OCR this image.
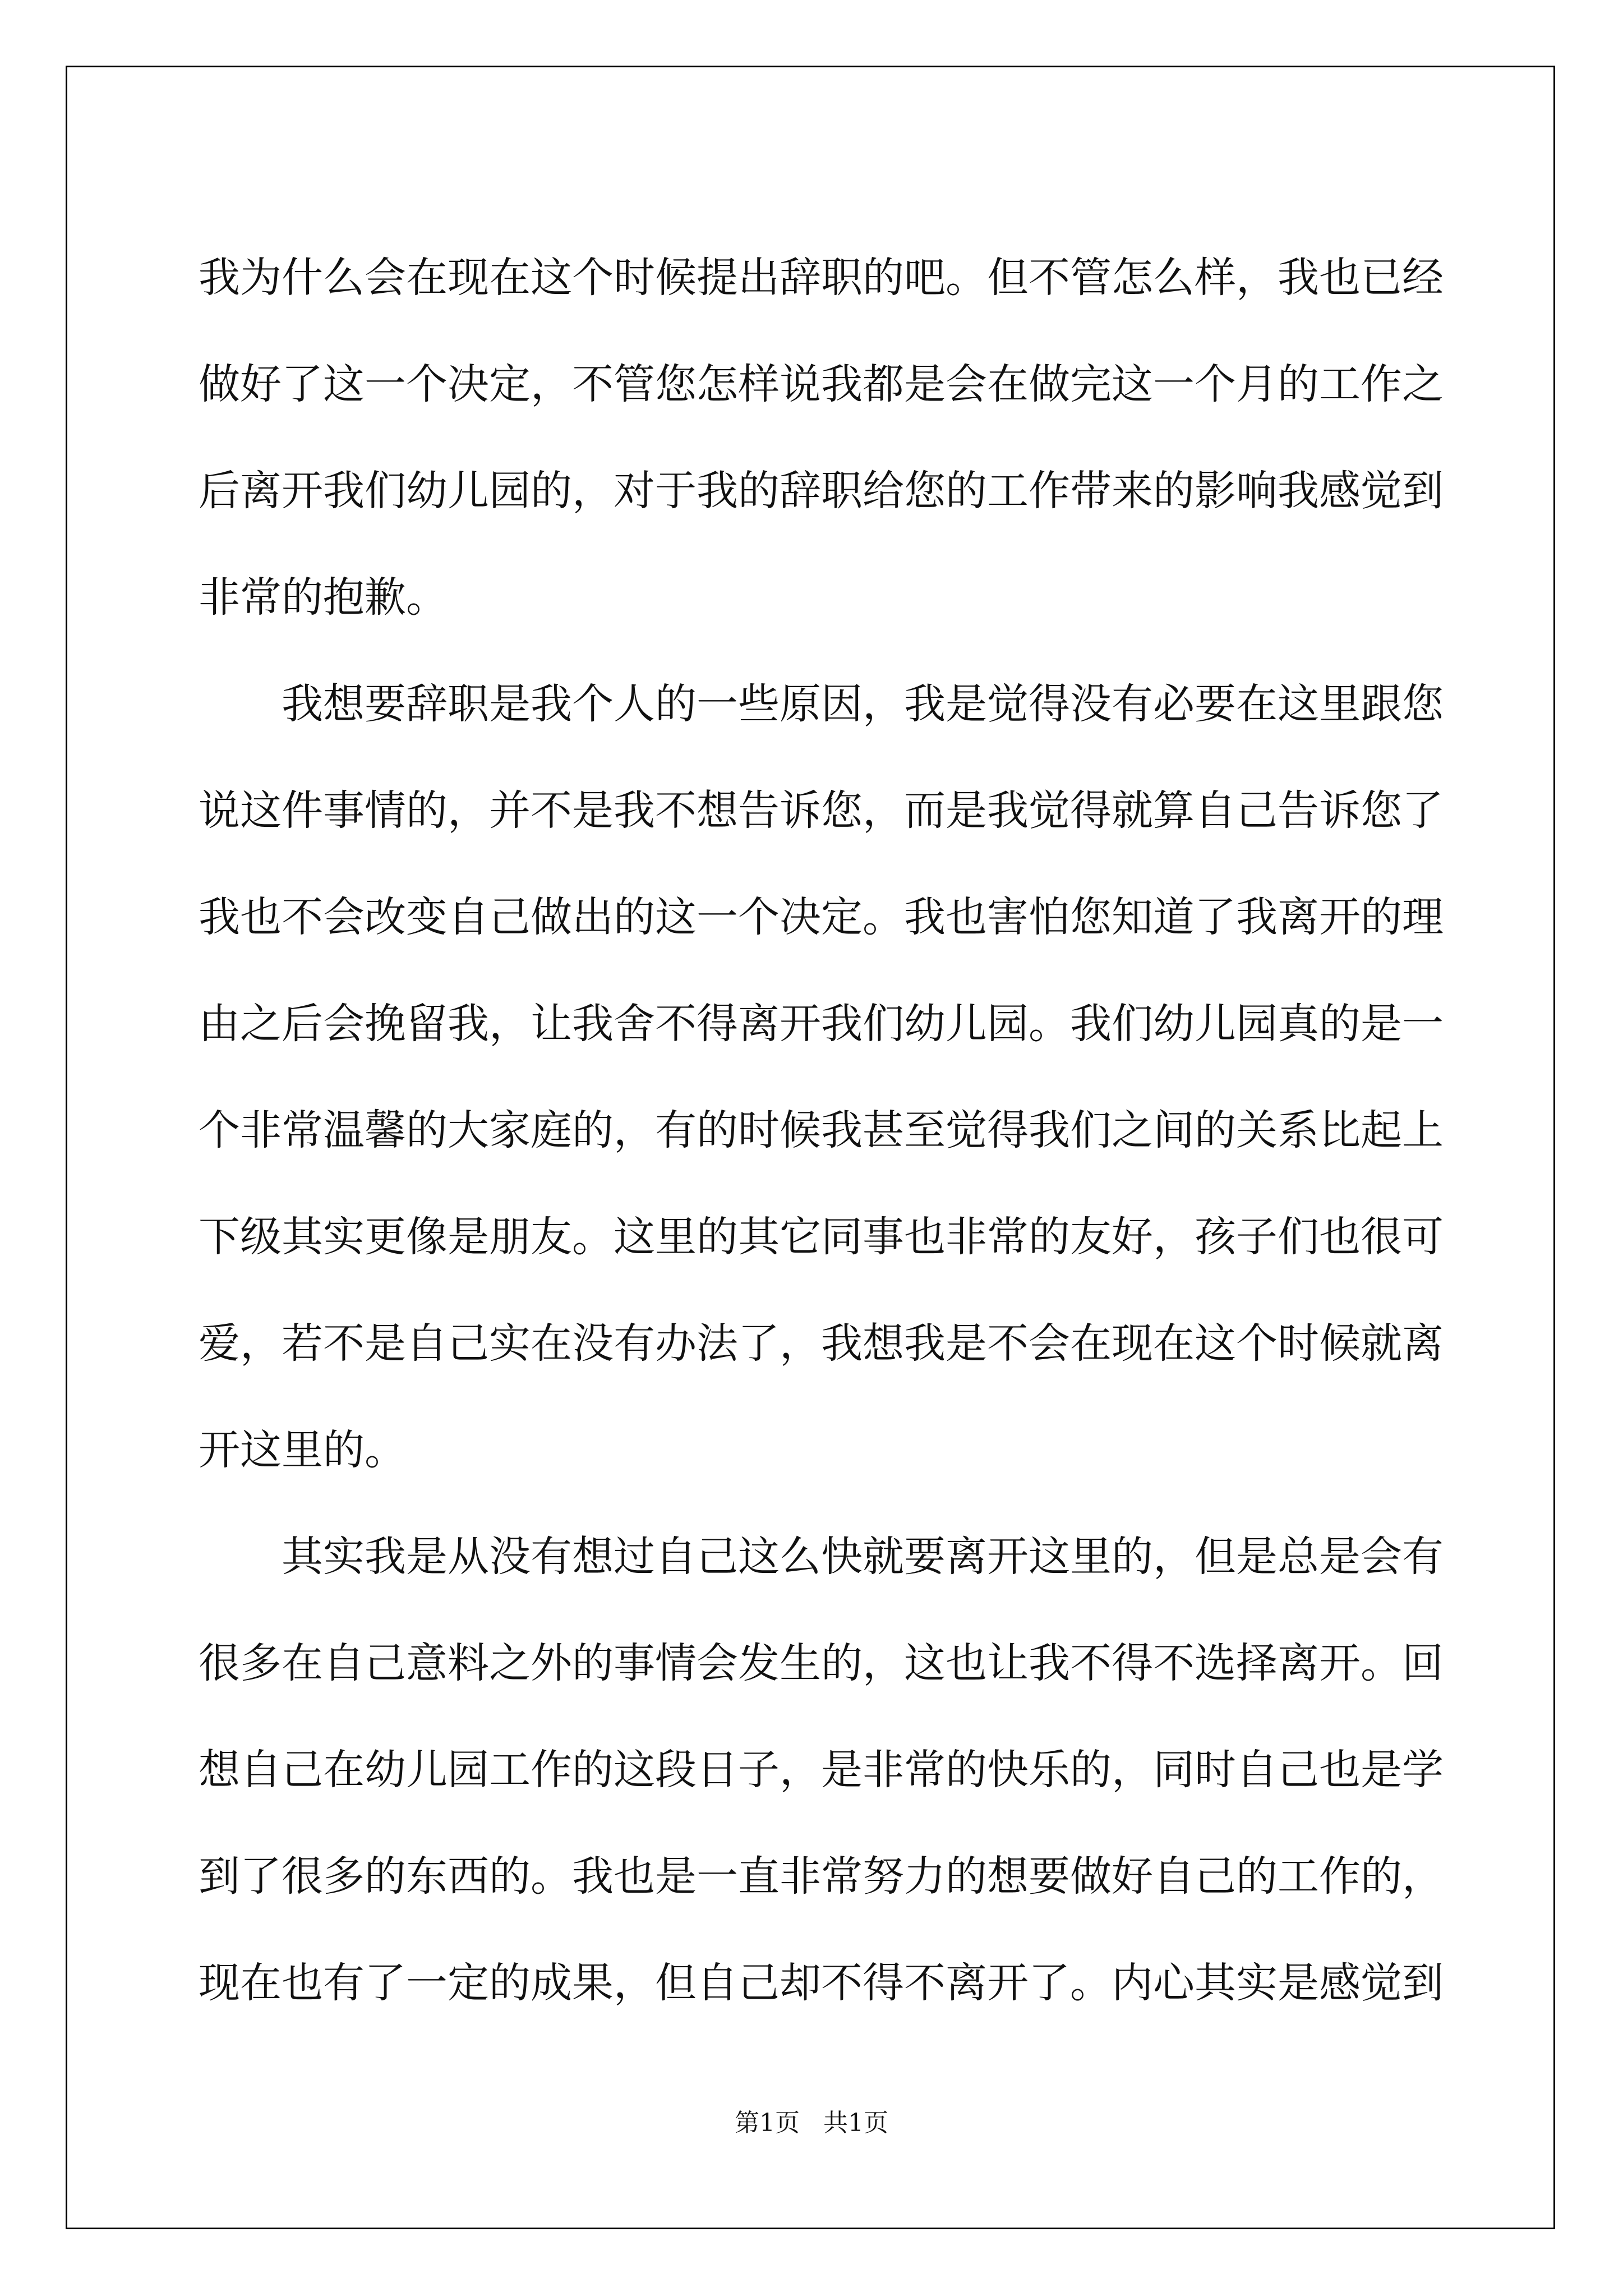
我为什么会在现在这个时候提出辞职的吧。但不管怎么样，我也已经
做好了这一个决定，不管您怎样说我都是会在做完这一个月的工作之
后离开我们幼儿园的，对于我的辞职给您的工作带来的影响我感觉到
非常的抱歉。
我想要辞职是我个人的一些原因，我是觉得没有必要在这里跟您
说这件事情的，并不是我不想告诉您，而是我觉得就算自己告诉您了
我也不会改变自己做出的这一个决定。我也害怕您知道了我离开的理
由之后会挽留我，让我舍不得离开我们幼儿园。我们幼儿园真的是一
个非常温馨的大家庭的，有的时候我甚至觉得我们之间的关系比起上
下级其实更像是朋友。这里的其它同事也非常的友好，孩子们也很可
爱，若不是自己实在没有办法了，我想我是不会在现在这个时候就离
开这里的。
其实我是从没有想过自己这么快就要离开这里的，但是总是会有
很多在自己意料之外的事情会发生的，这也让我不得不选择离开。回
想自己在幼儿园工作的这段日子，是非常的快乐的，同时自己也是学
到了很多的东西的。我也是一直非常努力的想要做好自己的工作的，
现在也有了一定的成果，但自己却不得不离开了。内心其实是感觉到
第1页 共1页
